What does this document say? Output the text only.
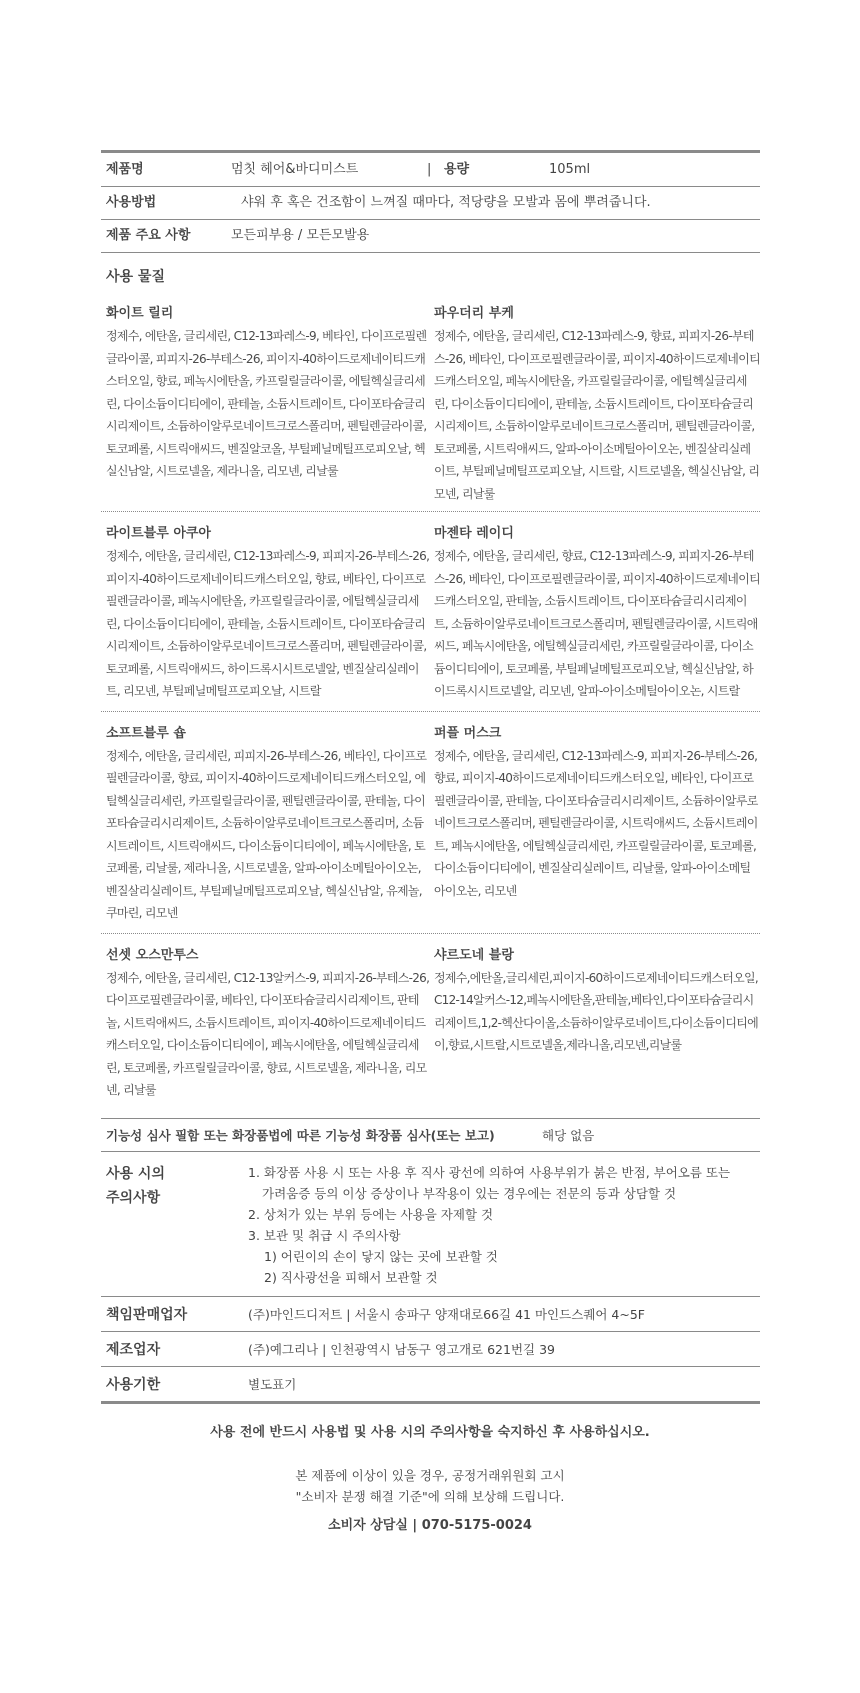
제품명	멈칫 헤어&바디미스트	| 용량	105ml
사용방법	샤워 후 혹은 건조함이 느껴질 때마다, 적당량을 모발과 몸에 뿌려줍니다.
제품 주요 사항	모든피부용 / 모든모발용
사용 물질
화이트 릴리
정제수, 에탄올, 글리세린, C12-13파레스-9, 베타인, 다이프로필렌글라이콜, 피피지-26-부테스-26, 피이지-40하이드로제네이티드캐스터오일, 향료, 페녹시에탄올, 카프릴릴글라이콜, 에틸헥실글리세린, 다이소듐이디티에이, 판테놀, 소듐시트레이트, 다이포타슘글리시리제이트, 소듐하이알루로네이트크로스폴리머, 펜틸렌글라이콜, 토코페롤, 시트릭애씨드, 벤질알코올, 부틸페닐메틸프로피오날, 헥실신남알, 시트로넬올, 제라니올, 리모넨, 리날룰
파우더리 부케
정제수, 에탄올, 글리세린, C12-13파레스-9, 향료, 피피지-26-부테스-26, 베타인, 다이프로필렌글라이콜, 피이지-40하이드로제네이티드캐스터오일, 페녹시에탄올, 카프릴릴글라이콜, 에틸헥실글리세린, 다이소듐이디티에이, 판테놀, 소듐시트레이트, 다이포타슘글리시리제이트, 소듐하이알루로네이트크로스폴리머, 펜틸렌글라이콜, 토코페롤, 시트릭애씨드, 알파-아이소메틸아이오논, 벤질살리실레이트, 부틸페닐메틸프로피오날, 시트랄, 시트로넬올, 헥실신남알, 리모넨, 리날룰
라이트블루 아쿠아
정제수, 에탄올, 글리세린, C12-13파레스-9, 피피지-26-부테스-26, 피이지-40하이드로제네이티드캐스터오일, 향료, 베타인, 다이프로필렌글라이콜, 페녹시에탄올, 카프릴릴글라이콜, 에틸헥실글리세린, 다이소듐이디티에이, 판테놀, 소듐시트레이트, 다이포타슘글리시리제이트, 소듐하이알루로네이트크로스폴리머, 펜틸렌글라이콜, 토코페롤, 시트릭애씨드, 하이드록시시트로넬알, 벤질살리실레이트, 리모넨, 부틸페닐메틸프로피오날, 시트랄
마젠타 레이디
정제수, 에탄올, 글리세린, 향료, C12-13파레스-9, 피피지-26-부테스-26, 베타인, 다이프로필렌글라이콜, 피이지-40하이드로제네이티드캐스터오일, 판테놀, 소듐시트레이트, 다이포타슘글리시리제이트, 소듐하이알루로네이트크로스폴리머, 펜틸렌글라이콜, 시트릭애씨드, 페녹시에탄올, 에틸헥실글리세린, 카프릴릴글라이콜, 다이소듐이디티에이, 토코페롤, 부틸페닐메틸프로피오날, 헥실신남알, 하이드록시시트로넬알, 리모넨, 알파-아이소메틸아이오논, 시트랄
소프트블루 숍
정제수, 에탄올, 글리세린, 피피지-26-부테스-26, 베타인, 다이프로필렌글라이콜, 향료, 피이지-40하이드로제네이티드캐스터오일, 에틸헥실글리세린, 카프릴릴글라이콜, 펜틸렌글라이콜, 판테놀, 다이포타슘글리시리제이트, 소듐하이알루로네이트크로스폴리머, 소듐시트레이트, 시트릭애씨드, 다이소듐이디티에이, 페녹시에탄올, 토코페롤, 리날룰, 제라니올, 시트로넬올, 알파-아이소메틸아이오논, 벤질살리실레이트, 부틸페닐메틸프로피오날, 헥실신남알, 유제놀, 쿠마린, 리모넨
퍼플 머스크
정제수, 에탄올, 글리세린, C12-13파레스-9, 피피지-26-부테스-26, 향료, 피이지-40하이드로제네이티드캐스터오일, 베타인, 다이프로필렌글라이콜, 판테놀, 다이포타슘글리시리제이트, 소듐하이알루로네이트크로스폴리머, 펜틸렌글라이콜, 시트릭애씨드, 소듐시트레이트, 페녹시에탄올, 에틸헥실글리세린, 카프릴릴글라이콜, 토코페롤, 다이소듐이디티에이, 벤질살리실레이트, 리날룰, 알파-아이소메틸아이오논, 리모넨
선셋 오스만투스
정제수, 에탄올, 글리세린, C12-13알커스-9, 피피지-26-부테스-26, 다이프로필렌글라이콜, 베타인, 다이포타슘글리시리제이트, 판테놀, 시트릭애씨드, 소듐시트레이트, 피이지-40하이드로제네이티드캐스터오일, 다이소듐이디티에이, 페녹시에탄올, 에틸헥실글리세린, 토코페롤, 카프릴릴글라이콜, 향료, 시트로넬올, 제라니올, 리모넨, 리날룰
샤르도네 블랑
정제수,에탄올,글리세린,피이지-60하이드로제네이티드캐스터오일,C12-14알커스-12,페녹시에탄올,판테놀,베타인,다이포타슘글리시리제이트,1,2-헥산다이올,소듐하이알루로네이트,다이소듐이디티에이,향료,시트랄,시트로넬올,제라니올,리모넨,리날룰
기능성 심사 필함 또는 화장품법에 따른 기능성 화장품 심사(또는 보고)	해당 없음
사용 시의
주의사항
1. 화장품 사용 시 또는 사용 후 직사 광선에 의하여 사용부위가 붉은 반점, 부어오름 또는
가려움증 등의 이상 증상이나 부작용이 있는 경우에는 전문의 등과 상담할 것
2. 상처가 있는 부위 등에는 사용을 자제할 것
3. 보관 및 취급 시 주의사항
1) 어린이의 손이 닿지 않는 곳에 보관할 것
2) 직사광선을 피해서 보관할 것
책임판매업자	(주)마인드디저트 | 서울시 송파구 양재대로66길 41 마인드스퀘어 4~5F
제조업자	(주)예그리나 | 인천광역시 남동구 영고개로 621번길 39
사용기한	별도표기
사용 전에 반드시 사용법 및 사용 시의 주의사항을 숙지하신 후 사용하십시오.
본 제품에 이상이 있을 경우, 공정거래위원회 고시
"소비자 분쟁 해결 기준"에 의해 보상해 드립니다.
소비자 상담실 | 070-5175-0024
